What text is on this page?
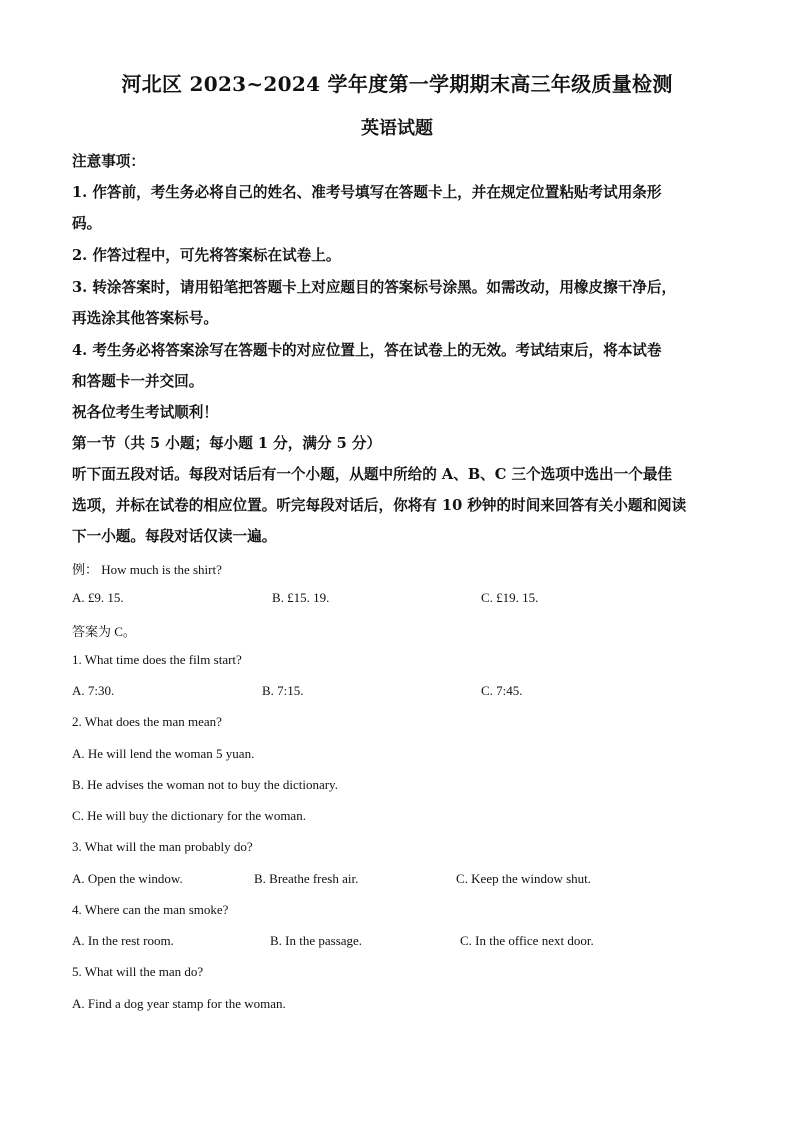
河北区 2023~2024 学年度第一学期期末高三年级质量检测
英语试题
注意事项：
1. 作答前，考生务必将自己的姓名、准考号填写在答题卡上，并在规定位置粘贴考试用条形
码。
2. 作答过程中，可先将答案标在试卷上。
3. 转涂答案时，请用铅笔把答题卡上对应题目的答案标号涂黑。如需改动，用橡皮擦干净后，
再选涂其他答案标号。
4. 考生务必将答案涂写在答题卡的对应位置上，答在试卷上的无效。考试结束后，将本试卷
和答题卡一并交回。
祝各位考生考试顺利！
第一节（共 5 小题；每小题 1 分，满分 5 分）
听下面五段对话。每段对话后有一个小题，从题中所给的 A、B、C 三个选项中选出一个最佳
选项，并标在试卷的相应位置。听完每段对话后，你将有 10 秒钟的时间来回答有关小题和阅读
下一小题。每段对话仅读一遍。
例： How much is the shirt?
A. £9. 15.	B. £15. 19.	C. £19. 15.
答案为 C。
1. What time does the film start?
A. 7:30.	B. 7:15.	C. 7:45.
2. What does the man mean?
A. He will lend the woman 5 yuan.
B. He advises the woman not to buy the dictionary.
C. He will buy the dictionary for the woman.
3. What will the man probably do?
A. Open the window.	B. Breathe fresh air.	C. Keep the window shut.
4. Where can the man smoke?
A. In the rest room.	B. In the passage.	C. In the office next door.
5. What will the man do?
A. Find a dog year stamp for the woman.
